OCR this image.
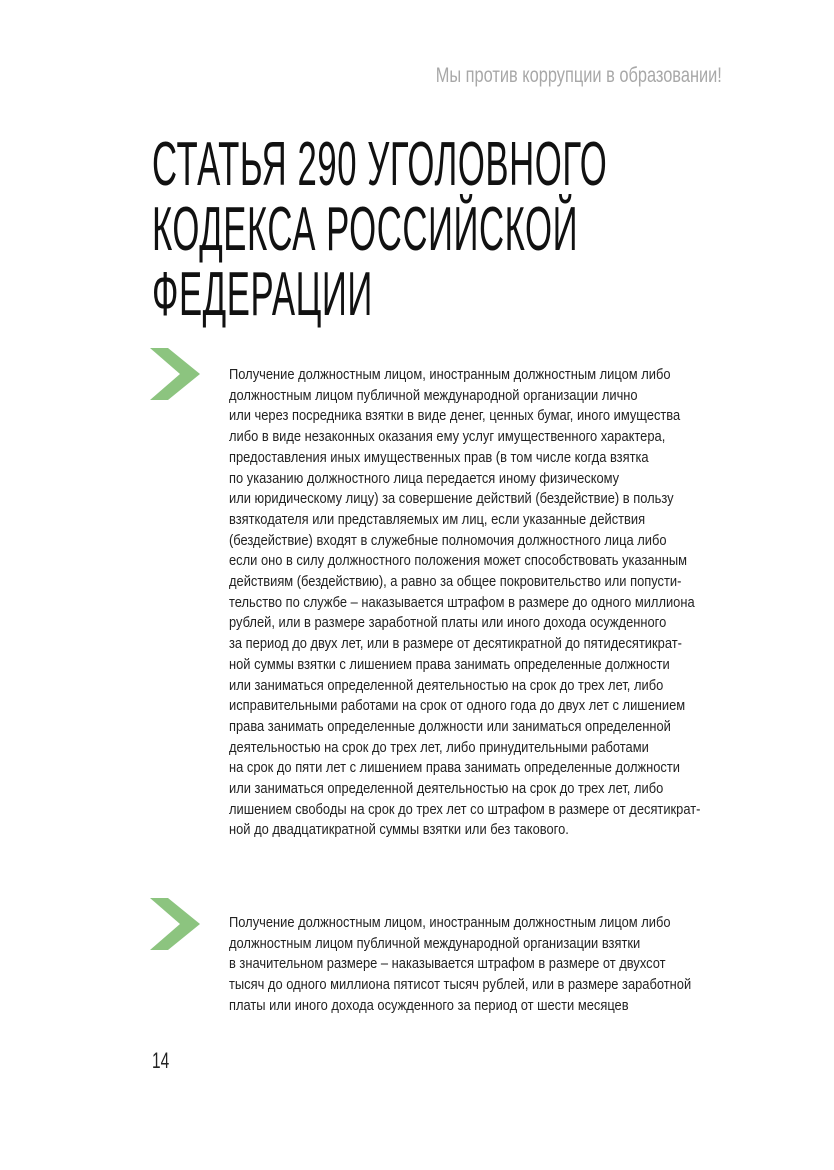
Мы против коррупции в образовании!
СТАТЬЯ 290 УГОЛОВНОГО
КОДЕКСА РОССИЙСКОЙ
ФЕДЕРАЦИИ
Получение должностным лицом, иностранным должностным лицом либо
должностным лицом публичной международной организации лично
или через посредника взятки в виде денег, ценных бумаг, иного имущества
либо в виде незаконных оказания ему услуг имущественного характера,
предоставления иных имущественных прав (в том числе когда взятка
по указанию должностного лица передается иному физическому
или юридическому лицу) за совершение действий (бездействие) в пользу
взяткодателя или представляемых им лиц, если указанные действия
(бездействие) входят в служебные полномочия должностного лица либо
если оно в силу должностного положения может способствовать указанным
действиям (бездействию), а равно за общее покровительство или попусти-
тельство по службе – наказывается штрафом в размере до одного миллиона
рублей, или в размере заработной платы или иного дохода осужденного
за период до двух лет, или в размере от десятикратной до пятидесятикрат-
ной суммы взятки с лишением права занимать определенные должности
или заниматься определенной деятельностью на срок до трех лет, либо
исправительными работами на срок от одного года до двух лет с лишением
права занимать определенные должности или заниматься определенной
деятельностью на срок до трех лет, либо принудительными работами
на срок до пяти лет с лишением права занимать определенные должности
или заниматься определенной деятельностью на срок до трех лет, либо
лишением свободы на срок до трех лет со штрафом в размере от десятикрат-
ной до двадцатикратной суммы взятки или без такового.
Получение должностным лицом, иностранным должностным лицом либо
должностным лицом публичной международной организации взятки
в значительном размере – наказывается штрафом в размере от двухсот
тысяч до одного миллиона пятисот тысяч рублей, или в размере заработной
платы или иного дохода осужденного за период от шести месяцев
14
